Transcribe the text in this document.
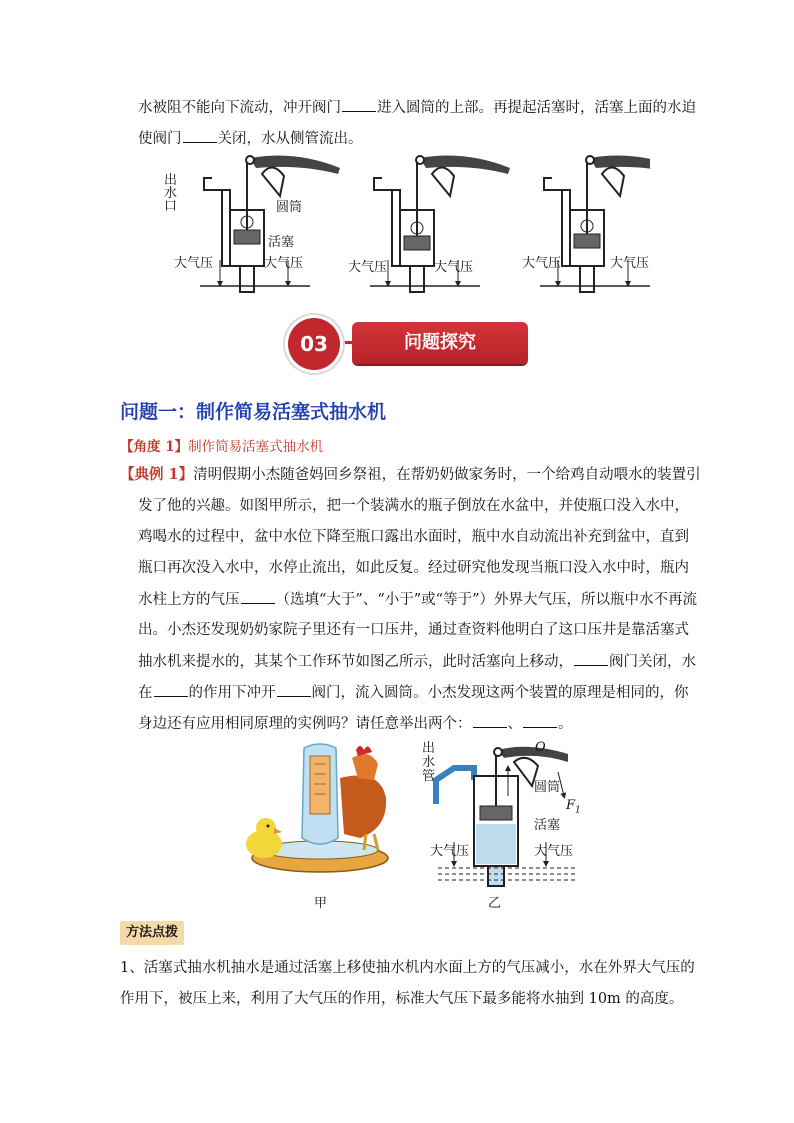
水被阻不能向下流动，冲开阀门 进入圆筒的上部。再提起活塞时，活塞上面的水迫
使阀门 关闭，水从侧管流出。
出
水
口	圆筒
活塞
大气压	大气压	大气压	大气压	大气压	大气压
03	问题探究
问题一：制作简易活塞式抽水机
【角度 1】制作简易活塞式抽水机
【典例 1】清明假期小杰随爸妈回乡祭祖，在帮奶奶做家务时，一个给鸡自动喂水的装置引
发了他的兴趣。如图甲所示，把一个装满水的瓶子倒放在水盆中，并使瓶口没入水中，
鸡喝水的过程中，盆中水位下降至瓶口露出水面时，瓶中水自动流出补充到盆中，直到
瓶口再次没入水中，水停止流出，如此反复。经过研究他发现当瓶口没入水中时，瓶内
水柱上方的气压 （选填“大于”、“小于”或“等于”）外界大气压，所以瓶中水不再流
出。小杰还发现奶奶家院子里还有一口压井，通过查资料他明白了这口压井是靠活塞式
抽水机来提水的，其某个工作环节如图乙所示，此时活塞向上移动， 阀门关闭，水
在 的作用下冲开 阀门，流入圆筒。小杰发现这两个装置的原理是相同的，你
身边还有应用相同原理的实例吗？请任意举出两个： 、 。
甲
出
水
管
O
圆筒
$F_1$
活塞
大气压	大气压
乙
方法点拨
1、活塞式抽水机抽水是通过活塞上移使抽水机内水面上方的气压减小，水在外界大气压的
作用下，被压上来，利用了大气压的作用，标准大气压下最多能将水抽到 10m 的高度。
